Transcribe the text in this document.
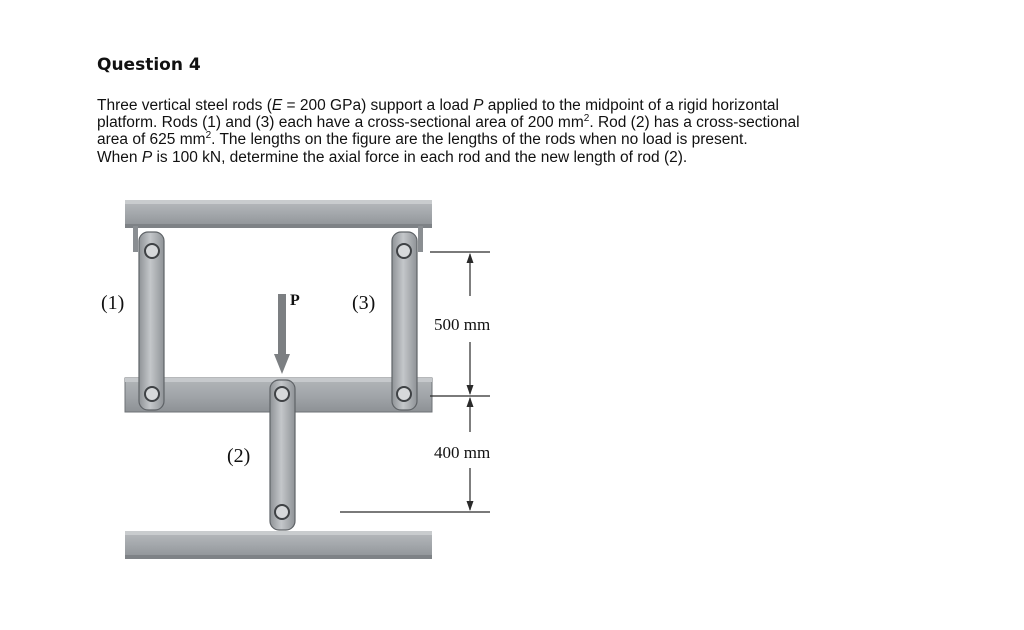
Question 4

Three vertical steel rods (E = 200 GPa) support a load P applied to the midpoint of a rigid horizontal

platform. Rods (1) and (3) each have a cross-sectional area of 200 $mm^2$. Rod (2) has a cross-sectional

area of 625 $mm^2$. The lengths on the figure are the lengths of the rods when no load is present.

When P is 100 kN, determine the axial force in each rod and the new length of rod (2).

(1)	(3)
(2)
P
500 mm
400 mm
